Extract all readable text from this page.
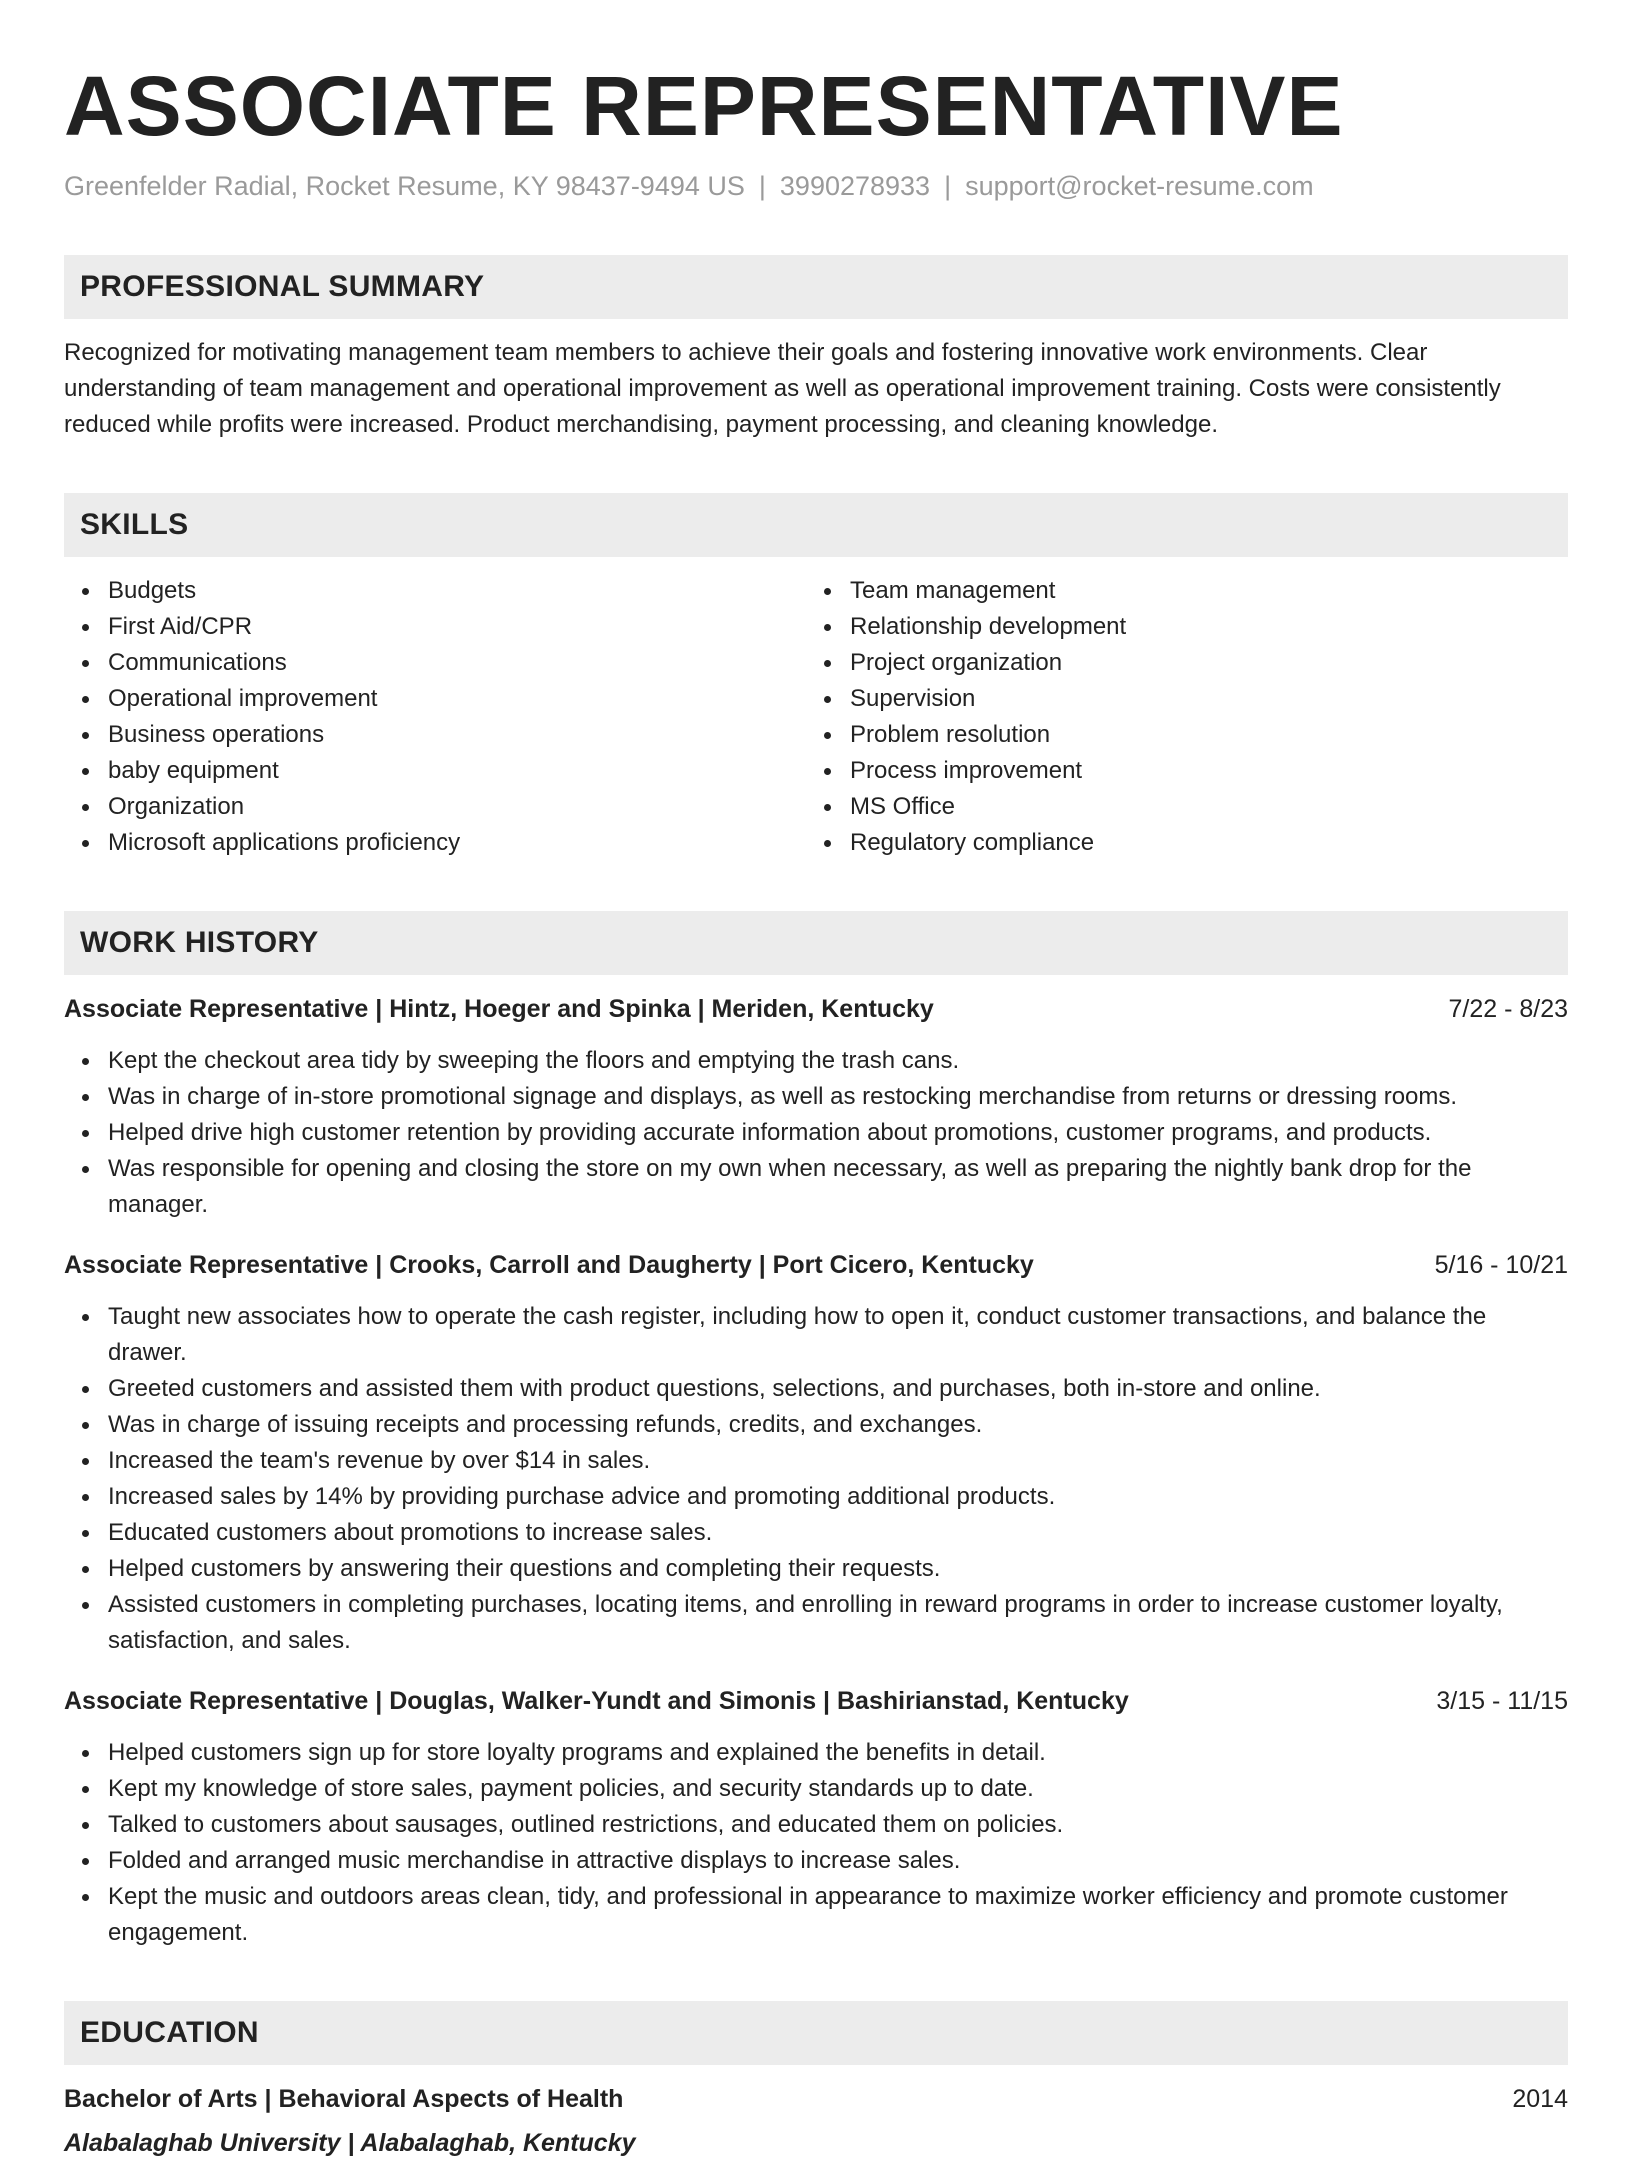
ASSOCIATE REPRESENTATIVE
Greenfelder Radial, Rocket Resume, KY 98437-9494 US | 3990278933 | support@rocket-resume.com
PROFESSIONAL SUMMARY

Recognized for motivating management team members to achieve their goals and fostering innovative work environments. Clear understanding of team management and operational improvement as well as operational improvement training. Costs were consistently reduced while profits were increased. Product merchandising, payment processing, and cleaning knowledge.

SKILLS
Budgets
First Aid/CPR
Communications
Operational improvement
Business operations
baby equipment
Organization
Microsoft applications proficiency
Team management
Relationship development
Project organization
Supervision
Problem resolution
Process improvement
MS Office
Regulatory compliance
WORK HISTORY
Associate Representative | Hintz, Hoeger and Spinka | Meriden, Kentucky	7/22 - 8/23
Kept the checkout area tidy by sweeping the floors and emptying the trash cans.
Was in charge of in-store promotional signage and displays, as well as restocking merchandise from returns or dressing rooms.
Helped drive high customer retention by providing accurate information about promotions, customer programs, and products.
Was responsible for opening and closing the store on my own when necessary, as well as preparing the nightly bank drop for the manager.
Associate Representative | Crooks, Carroll and Daugherty | Port Cicero, Kentucky	5/16 - 10/21
Taught new associates how to operate the cash register, including how to open it, conduct customer transactions, and balance the drawer.
Greeted customers and assisted them with product questions, selections, and purchases, both in-store and online.
Was in charge of issuing receipts and processing refunds, credits, and exchanges.
Increased the team's revenue by over $14 in sales.
Increased sales by 14% by providing purchase advice and promoting additional products.
Educated customers about promotions to increase sales.
Helped customers by answering their questions and completing their requests.
Assisted customers in completing purchases, locating items, and enrolling in reward programs in order to increase customer loyalty, satisfaction, and sales.
Associate Representative | Douglas, Walker-Yundt and Simonis | Bashirianstad, Kentucky	3/15 - 11/15
Helped customers sign up for store loyalty programs and explained the benefits in detail.
Kept my knowledge of store sales, payment policies, and security standards up to date.
Talked to customers about sausages, outlined restrictions, and educated them on policies.
Folded and arranged music merchandise in attractive displays to increase sales.
Kept the music and outdoors areas clean, tidy, and professional in appearance to maximize worker efficiency and promote customer engagement.
EDUCATION
Bachelor of Arts | Behavioral Aspects of Health	2014
Alabalaghab University | Alabalaghab, Kentucky
